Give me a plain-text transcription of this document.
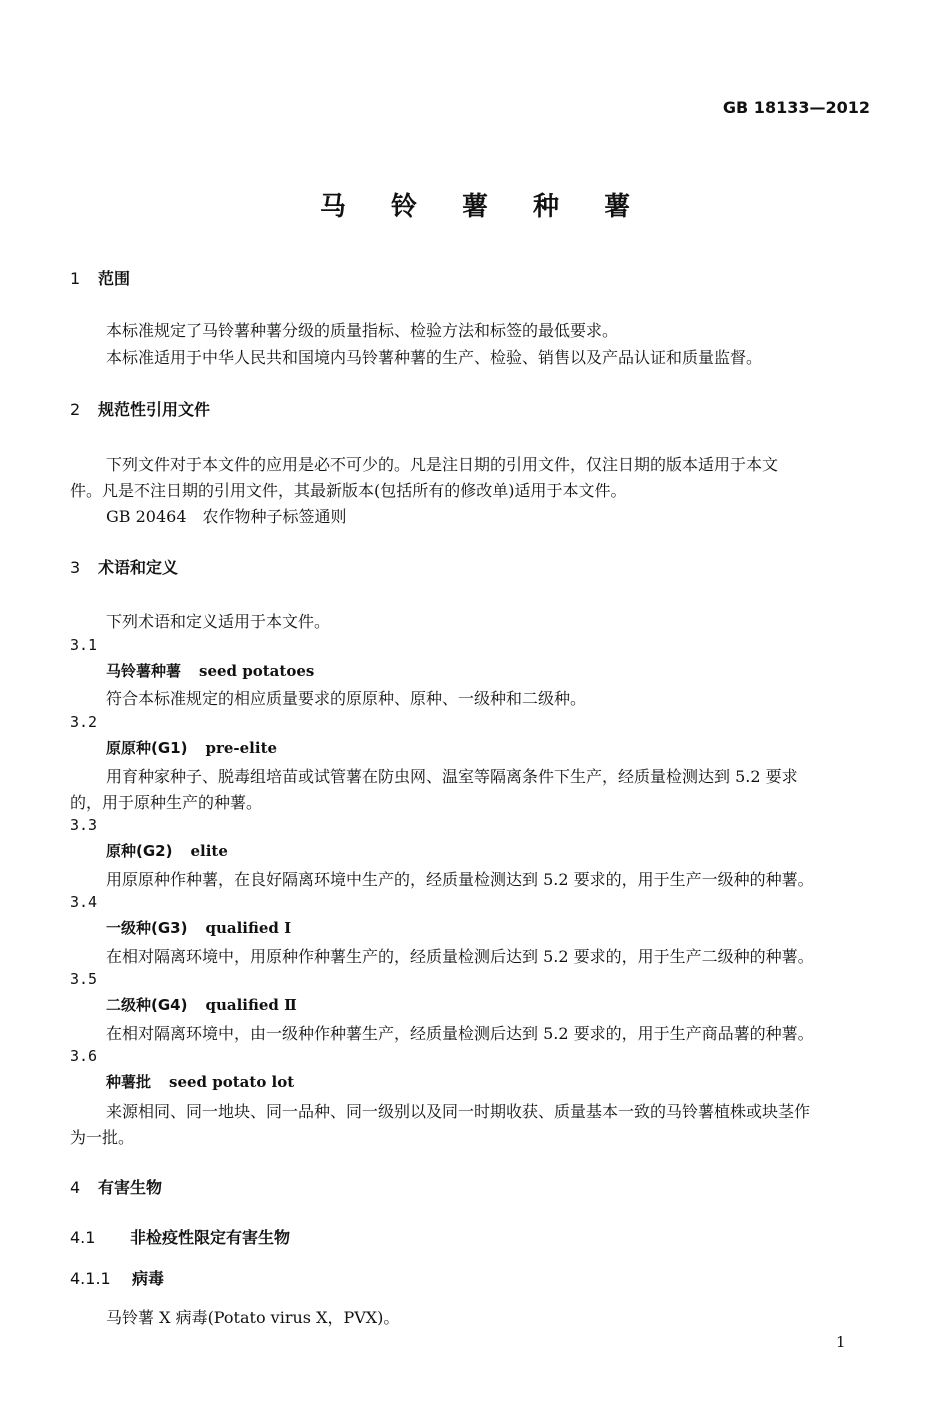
GB 18133—2012
马 铃 薯 种 薯
1 范围
本标准规定了马铃薯种薯分级的质量指标、检验方法和标签的最低要求。
本标准适用于中华人民共和国境内马铃薯种薯的生产、检验、销售以及产品认证和质量监督。
2 规范性引用文件
下列文件对于本文件的应用是必不可少的。凡是注日期的引用文件，仅注日期的版本适用于本文
件。凡是不注日期的引用文件，其最新版本(包括所有的修改单)适用于本文件。
GB 20464　农作物种子标签通则
3 术语和定义
下列术语和定义适用于本文件。
3.1
马铃薯种薯 seed potatoes
符合本标准规定的相应质量要求的原原种、原种、一级种和二级种。
3.2
原原种(G1) pre-elite
用育种家种子、脱毒组培苗或试管薯在防虫网、温室等隔离条件下生产，经质量检测达到 5.2 要求
的，用于原种生产的种薯。
3.3
原种(G2) elite
用原原种作种薯，在良好隔离环境中生产的，经质量检测达到 5.2 要求的，用于生产一级种的种薯。
3.4
一级种(G3) qualified Ⅰ
在相对隔离环境中，用原种作种薯生产的，经质量检测后达到 5.2 要求的，用于生产二级种的种薯。
3.5
二级种(G4) qualified Ⅱ
在相对隔离环境中，由一级种作种薯生产，经质量检测后达到 5.2 要求的，用于生产商品薯的种薯。
3.6
种薯批 seed potato lot
来源相同、同一地块、同一品种、同一级别以及同一时期收获、质量基本一致的马铃薯植株或块茎作
为一批。
4 有害生物
4.1 非检疫性限定有害生物
4.1.1 病毒
马铃薯 X 病毒(Potato virus X，PVX)。
1
